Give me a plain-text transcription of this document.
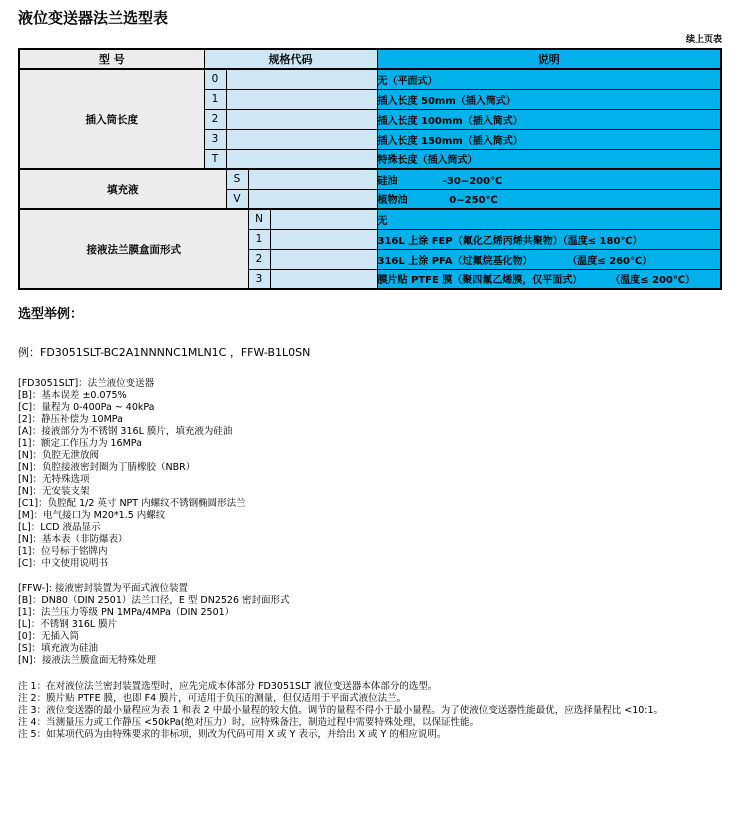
液位变送器法兰选型表
续上页表
型 号	规格代码				说明
插入筒长度	0				无（平面式）
	1				插入长度 50mm（插入筒式）
	2				插入长度 100mm（插入筒式）
	3				插入长度 150mm（插入筒式）
	T				特殊长度（插入筒式）
填充液		S			硅油             -30~200℃
		V			植物油            0~250℃
接液法兰膜盒面形式			N		无
			1		316L 上涂 FEP（氟化乙烯丙烯共聚物）（温度≤ 180℃）
			2		316L 上涂 PFA（过氟烷基化物）          （温度≤ 260℃）
			3		膜片贴 PTFE 膜（聚四氟乙烯膜，仅平面式）        （温度≤ 200℃）
选型举例：
例：FD3051SLT-BC2A1NNNNC1MLN1C ，FFW-B1L0SN
[FD3051SLT]：法兰液位变送器
[B]：基本误差 ±0.075%
[C]：量程为 0-400Pa ~ 40kPa
[2]：静压补偿为 10MPa
[A]：接液部分为不锈钢 316L 膜片，填充液为硅油
[1]：额定工作压力为 16MPa
[N]：负腔无泄放阀
[N]：负腔接液密封圈为丁腈橡胶（NBR）
[N]：无特殊选项
[N]：无安装支架
[C1]：负腔配 1/2 英寸 NPT 内螺纹不锈钢椭圆形法兰
[M]：电气接口为 M20*1.5 内螺纹
[L]：LCD 液晶显示
[N]：基本表（非防爆表）
[1]：位号标于铭牌内
[C]：中文使用说明书
[FFW-]: 接液密封装置为平面式液位装置
[B]：DN80（DIN 2501）法兰口径，E 型 DN2526 密封面形式
[1]：法兰压力等级 PN 1MPa/4MPa（DIN 2501）
[L]：不锈钢 316L 膜片
[0]：无插入筒
[S]：填充液为硅油
[N]：接液法兰膜盒面无特殊处理
注 1：在对液位法兰密封装置选型时，应先完成本体部分 FD3051SLT 液位变送器本体部分的选型。
注 2：膜片贴 PTFE 膜，也即 F4 膜片，可适用于负压的测量，但仅适用于平面式液位法兰。
注 3：液位变送器的最小量程应为表 1 和表 2 中最小量程的较大值。调节的量程不得小于最小量程。为了使液位变送器性能最优，应选择量程比 <10:1。
注 4：当测量压力或工作静压 <50kPa(绝对压力）时，应特殊备注，制造过程中需要特殊处理，以保证性能。
注 5：如某项代码为由特殊要求的非标项，则改为代码可用 X 或 Y 表示，并给出 X 或 Y 的相应说明。
